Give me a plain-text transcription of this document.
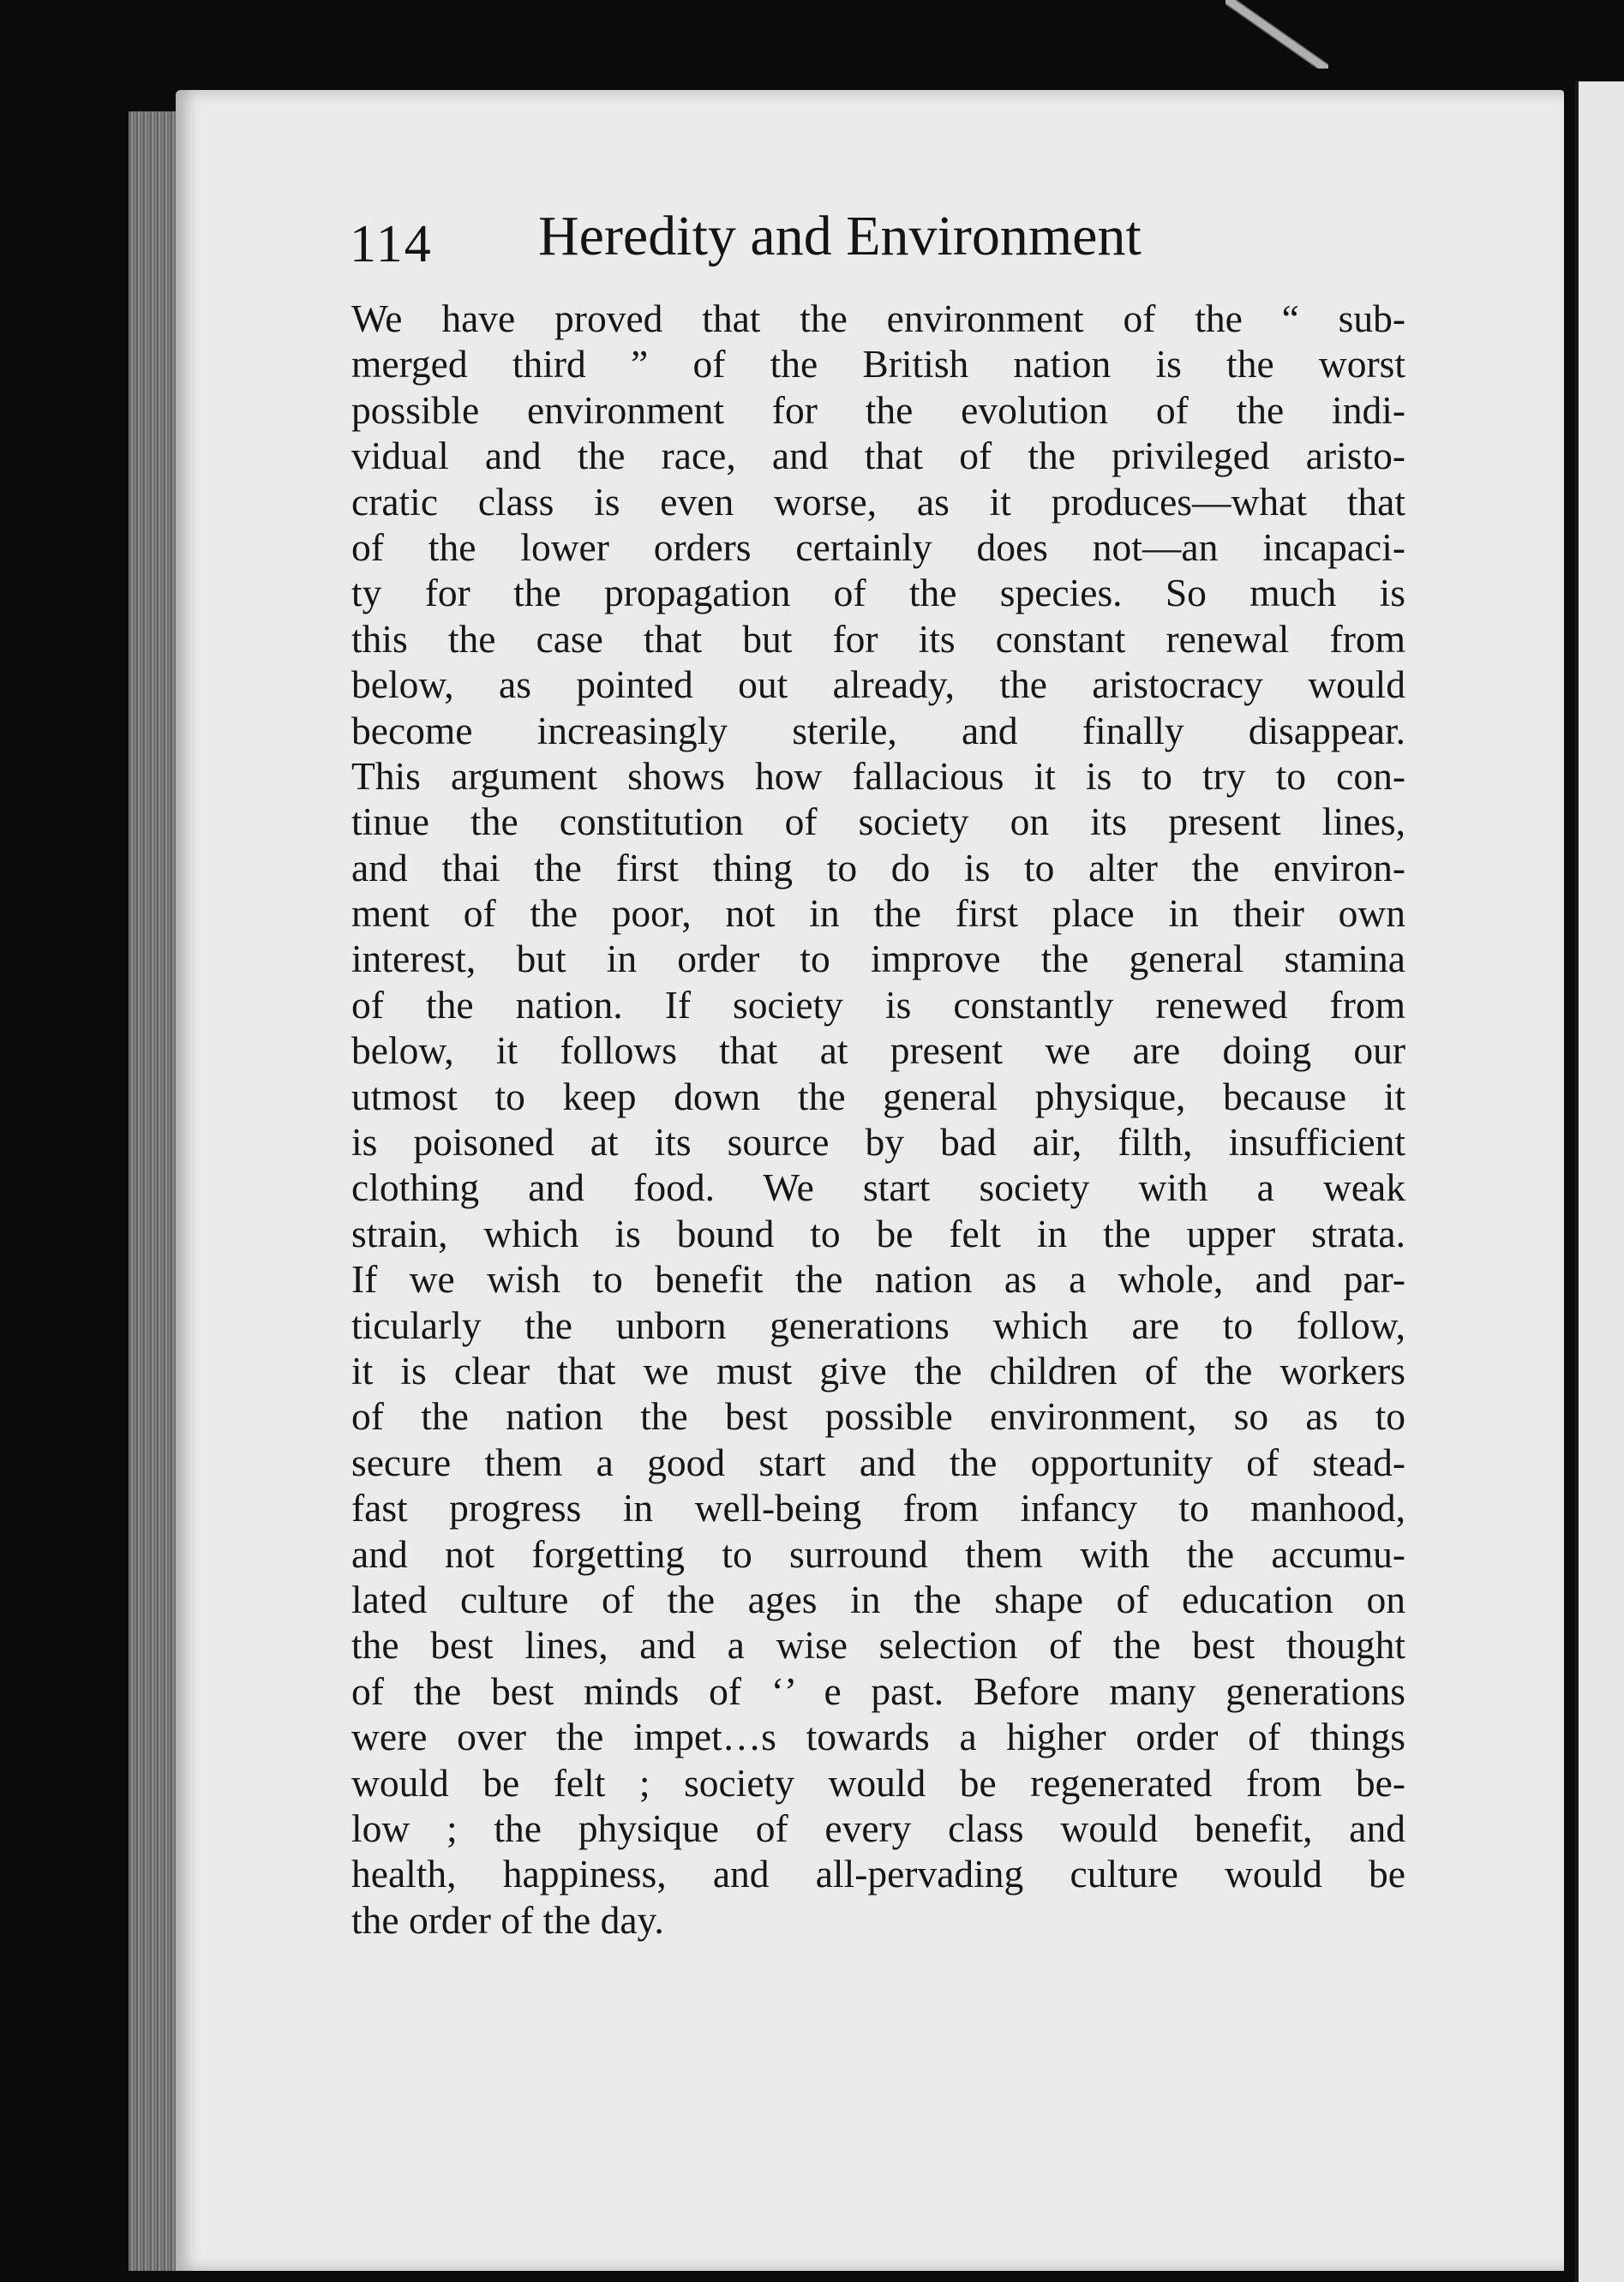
114 Heredity and Environment
We have proved that the environment of the “ sub-
merged third ” of the British nation is the worst
possible environment for the evolution of the indi-
vidual and the race, and that of the privileged aristo-
cratic class is even worse, as it produces—what that
of the lower orders certainly does not—an incapaci-
ty for the propagation of the species. So much is
this the case that but for its constant renewal from
below, as pointed out already, the aristocracy would
become increasingly sterile, and finally disappear.
This argument shows how fallacious it is to try to con-
tinue the constitution of society on its present lines,
and thai the first thing to do is to alter the environ-
ment of the poor, not in the first place in their own
interest, but in order to improve the general stamina
of the nation. If society is constantly renewed from
below, it follows that at present we are doing our
utmost to keep down the general physique, because it
is poisoned at its source by bad air, filth, insufficient
clothing and food. We start society with a weak
strain, which is bound to be felt in the upper strata.
If we wish to benefit the nation as a whole, and par-
ticularly the unborn generations which are to follow,
it is clear that we must give the children of the workers
of the nation the best possible environment, so as to
secure them a good start and the opportunity of stead-
fast progress in well-being from infancy to manhood,
and not forgetting to surround them with the accumu-
lated culture of the ages in the shape of education on
the best lines, and a wise selection of the best thought
of the best minds of ‘’ e past. Before many generations
were over the impet…s towards a higher order of things
would be felt ; society would be regenerated from be-
low ; the physique of every class would benefit, and
health, happiness, and all-pervading culture would be
the order of the day.
